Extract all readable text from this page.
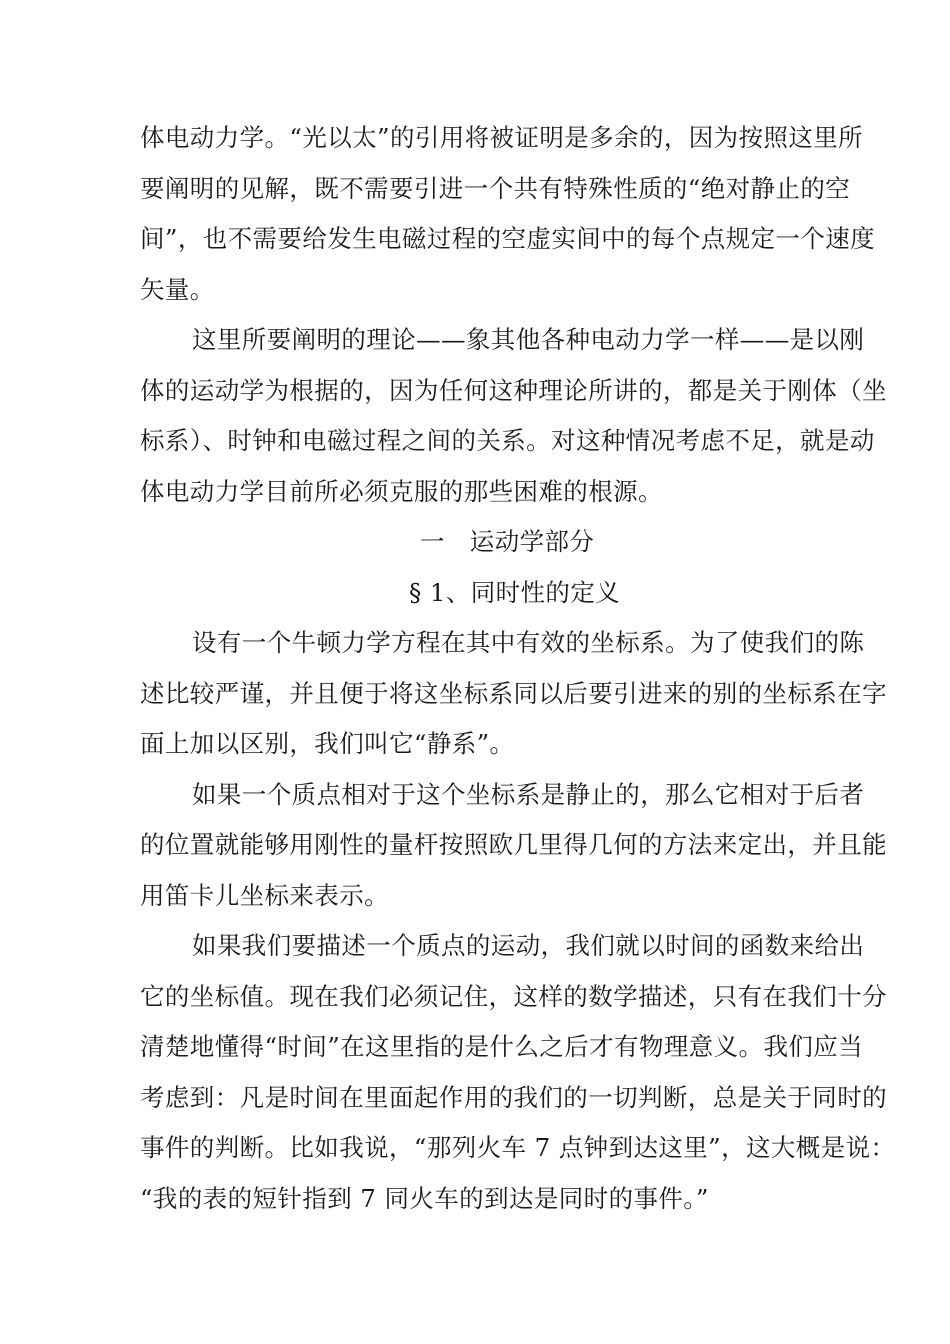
体电动力学。“光以太”的引用将被证明是多余的，因为按照这里所
要阐明的见解，既不需要引进一个共有特殊性质的“绝对静止的空
间”，也不需要给发生电磁过程的空虚实间中的每个点规定一个速度
矢量。
这里所要阐明的理论——象其他各种电动力学一样——是以刚
体的运动学为根据的，因为任何这种理论所讲的，都是关于刚体（坐
标系）、时钟和电磁过程之间的关系。对这种情况考虑不足，就是动
体电动力学目前所必须克服的那些困难的根源。
一　运动学部分
§ 1、同时性的定义
设有一个牛顿力学方程在其中有效的坐标系。为了使我们的陈
述比较严谨，并且便于将这坐标系同以后要引进来的别的坐标系在字
面上加以区别，我们叫它“静系”。
如果一个质点相对于这个坐标系是静止的，那么它相对于后者
的位置就能够用刚性的量杆按照欧几里得几何的方法来定出，并且能
用笛卡儿坐标来表示。
如果我们要描述一个质点的运动，我们就以时间的函数来给出
它的坐标值。现在我们必须记住，这样的数学描述，只有在我们十分
清楚地懂得“时间”在这里指的是什么之后才有物理意义。我们应当
考虑到：凡是时间在里面起作用的我们的一切判断，总是关于同时的
事件的判断。比如我说，“那列火车 7 点钟到达这里”，这大概是说：
“我的表的短针指到 7 同火车的到达是同时的事件。”
